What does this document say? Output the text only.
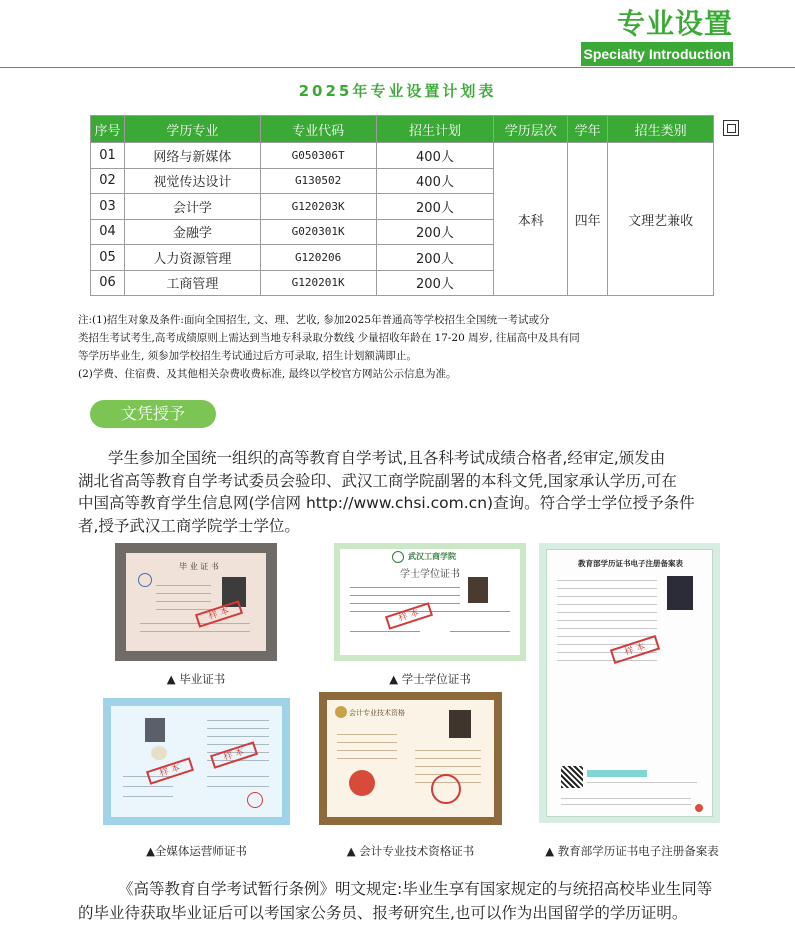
专业设置
Specialty Introduction
2025年专业设置计划表
序号	学历专业	专业代码	招生计划	学历层次	学年	招生类别
01	网络与新媒体	G050306T	400人	本科	四年	文理艺兼收
02	视觉传达设计	G130502	400人			
03	会计学	G120203K	200人			
04	金融学	G020301K	200人			
05	人力资源管理	G120206	200人			
06	工商管理	G120201K	200人			

注:(1)招生对象及条件:面向全国招生, 文、理、艺收, 参加2025年普通高等学校招生全国统一考试或分

类招生考试考生,高考成绩原则上需达到当地专科录取分数线 少量招收年龄在 17-20 周岁, 往届高中及具有同

等学历毕业生, 须参加学校招生考试通过后方可录取, 招生计划额满即止。

(2)学费、住宿费、及其他相关杂费收费标准, 最终以学校官方网站公示信息为准。

文凭授予
学生参加全国统一组织的高等教育自学考试,且各科考试成绩合格者,经审定,颁发由
湖北省高等教育自学考试委员会验印、武汉工商学院副署的本科文凭,国家承认学历,可在
中国高等教育学生信息网(学信网 http://www.chsi.com.cn)查询。符合学士学位授予条件
者,授予武汉工商学院学士学位。
毕 业 证 书
样 本
▲ 毕业证书
武汉工商学院
学士学位证书
样 本
▲ 学士学位证书
教育部学历证书电子注册备案表
样 本
▲ 教育部学历证书电子注册备案表
样 本
样 本
▲全媒体运营师证书
会计专业技术资格
▲ 会计专业技术资格证书
《高等教育自学考试暂行条例》明文规定:毕业生享有国家规定的与统招高校毕业生同等
的毕业待获取毕业证后可以考国家公务员、报考研究生,也可以作为出国留学的学历证明。
